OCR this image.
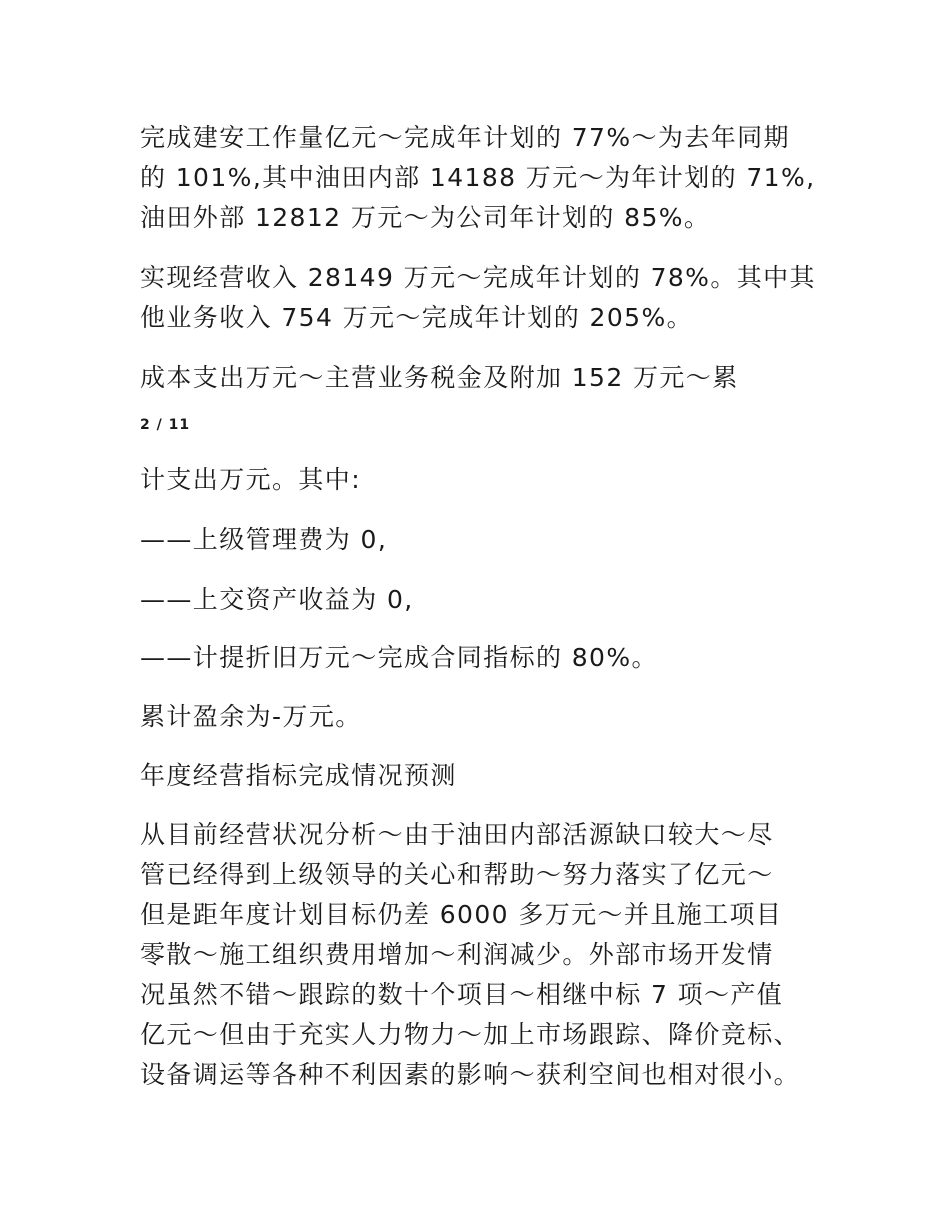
完成建安工作量亿元～完成年计划的 77%～为去年同期
的 101%,其中油田内部 14188 万元～为年计划的 71%,
油田外部 12812 万元～为公司年计划的 85%。

实现经营收入 28149 万元～完成年计划的 78%。其中其
他业务收入 754 万元～完成年计划的 205%。

成本支出万元～主营业务税金及附加 152 万元～累

2 / 11

计支出万元。其中:

——上级管理费为 0,

——上交资产收益为 0,

——计提折旧万元～完成合同指标的 80%。

累计盈余为-万元。

年度经营指标完成情况预测

从目前经营状况分析～由于油田内部活源缺口较大～尽
管已经得到上级领导的关心和帮助～努力落实了亿元～
但是距年度计划目标仍差 6000 多万元～并且施工项目
零散～施工组织费用增加～利润减少。外部市场开发情
况虽然不错～跟踪的数十个项目～相继中标 7 项～产值
亿元～但由于充实人力物力～加上市场跟踪、降价竞标、
设备调运等各种不利因素的影响～获利空间也相对很小。
